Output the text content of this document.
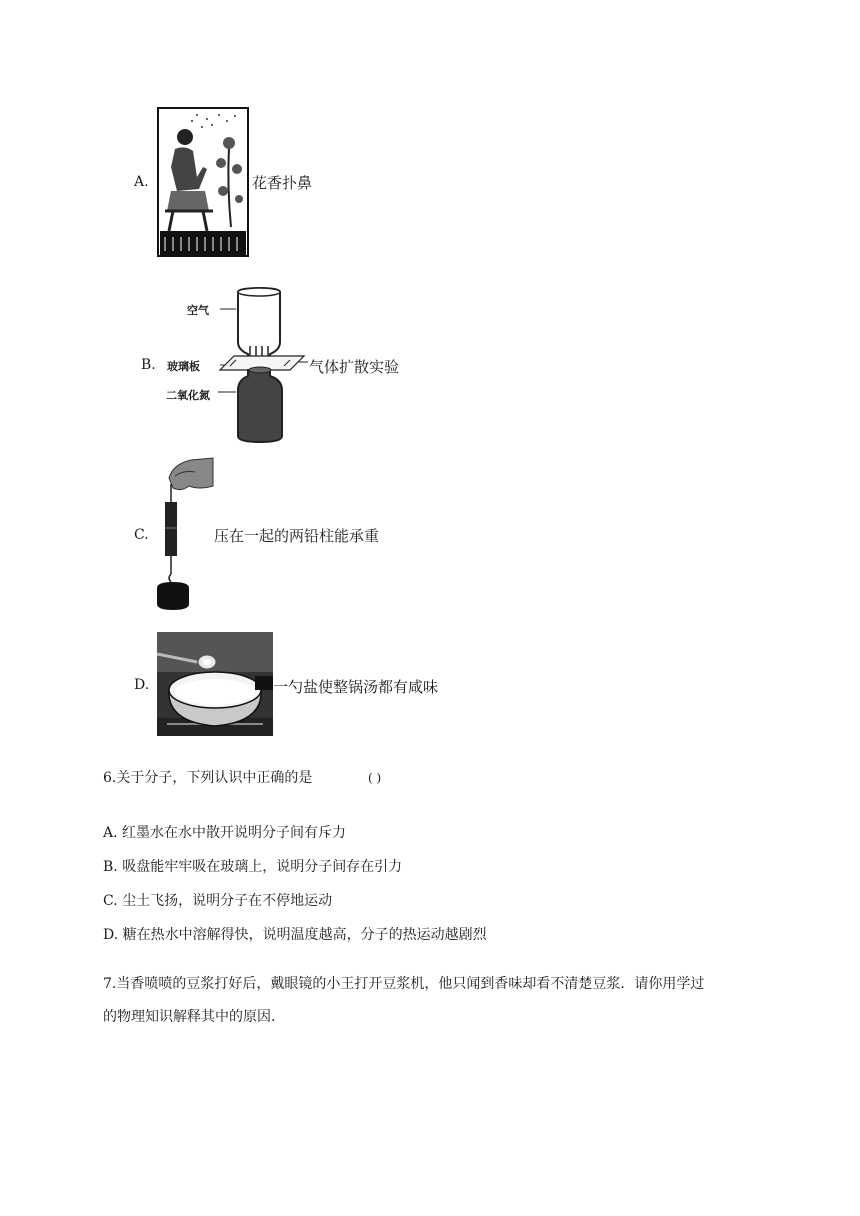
A.	花香扑鼻
B.
空气
玻璃板
二氧化氮
气体扩散实验
C.	压在一起的两铅柱能承重
D.	一勺盐使整锅汤都有咸味
6.关于分子，下列认识中正确的是	( )
A. 红墨水在水中散开说明分子间有斥力
B. 吸盘能牢牢吸在玻璃上，说明分子间存在引力
C. 尘土飞扬，说明分子在不停地运动
D. 糖在热水中溶解得快，说明温度越高，分子的热运动越剧烈
7.当香喷喷的豆浆打好后，戴眼镜的小王打开豆浆机，他只闻到香味却看不清楚豆浆．请你用学过
的物理知识解释其中的原因．
